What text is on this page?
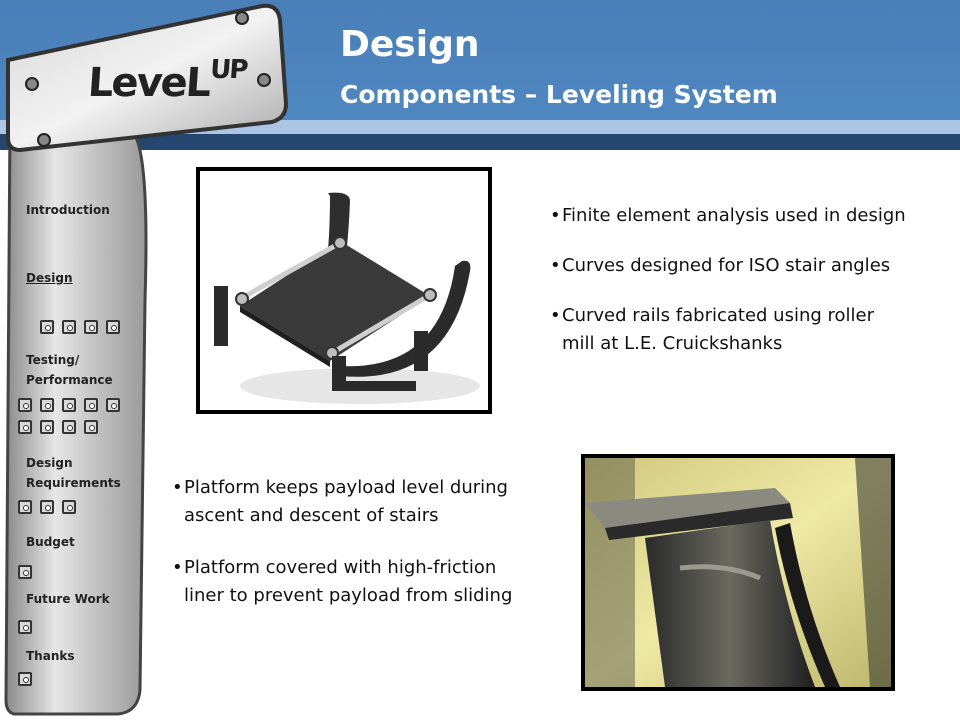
LeveL$^{UP}$
Design
Components – Leveling System
Introduction
Design
Testing/ Performance
Design Requirements
Budget
Future Work
Thanks
• Finite element analysis used in design
• Curves designed for ISO stair angles
• Curved rails fabricated using roller mill at L.E. Cruickshanks
• Platform keeps payload level during ascent and descent of stairs
• Platform covered with high-friction liner to prevent payload from sliding
